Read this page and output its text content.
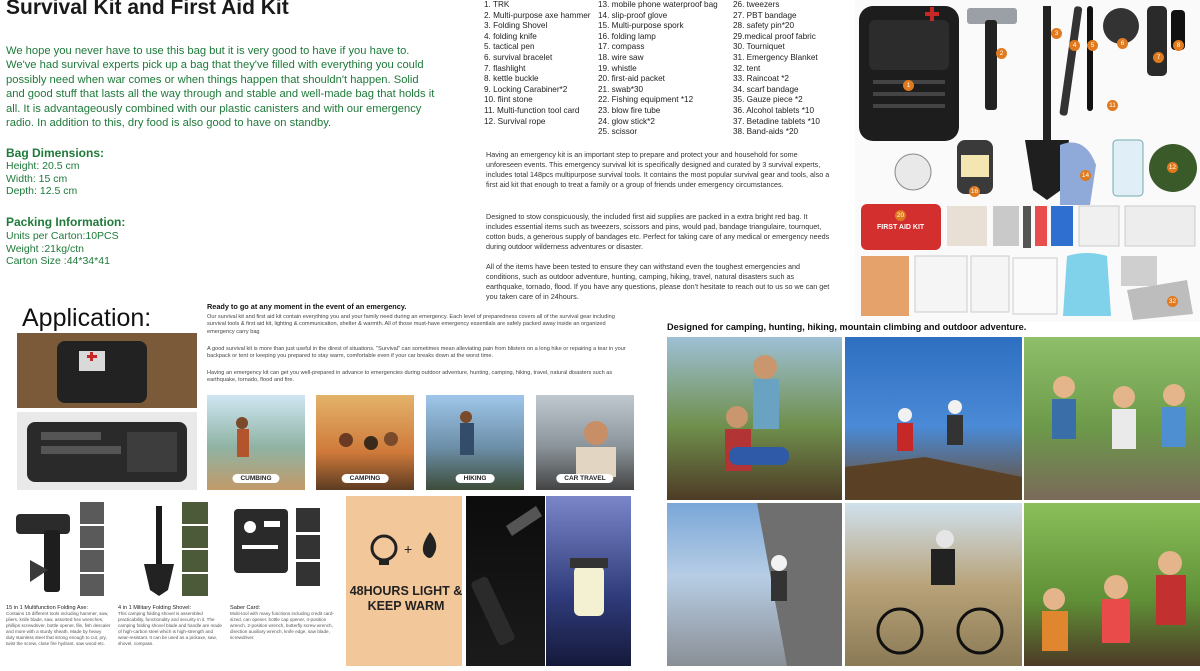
Survival Kit and First Aid Kit

We hope you never have to use this bag but it is very good to have if you have to. We've had survival experts pick up a bag that they've filled with everything you could possibly need when war comes or when things happen that shouldn't happen. Solid and good stuff that lasts all the way through and stable and well-made bag that holds it all. It is advantageously combined with our plastic canisters and with our emergency radio. In addition to this, dry food is also good to have on standby.

Bag Dimensions:

Height: 20.5 cm

Width: 15 cm

Depth: 12.5 cm

Packing Information:

Units per Carton:10PCS

Weight :21kg/ctn

Carton Size :44*34*41

1. TRK
2. Multi-purpose axe hammer
3. Folding Shovel
4. folding knife
5. tactical pen
6. survival bracelet
7. flashlight
8. kettle buckle
9. Locking Carabiner*2
10. flint stone
11. Multi-function tool card
12. Survival rope
13. mobile phone waterproof bag
14. slip-proof glove
15. Multi-purpose spork
16. folding lamp
17. compass
18. wire saw
19. whistle
20. first-aid packet
21. swab*30
22. Fishing equipment *12
23. blow fire tube
24. glow stick*2
25. scissor
26. tweezers
27. PBT bandage
28. safety pin*20
29.medical proof fabric
30. Tourniquet
31. Emergency Blanket
32. tent
33. Raincoat *2
34. scarf bandage
35. Gauze piece *2
36. Alcohol tablets *10
37. Betadine tablets *10
38. Band-aids *20

Having an emergency kit is an important step to prepare and protect your and household for some unforeseen events. This emergency survival kit is specifically designed and curated by 3 survival experts, includes total 148pcs multipurpose survival tools. It contains the most popular survival gear and tools, also a first aid kit that enough to treat a family or a group of friends under emergency circumstances.

Designed to stow conspicuously, the included first aid supplies are packed in a extra bright red bag. It includes essential items such as tweezers, scissors and pins, would pad, bandage triangulaire, tournquet, cotton buds, a generous supply of bandages etc. Perfect for taking care of any medical or emergency needs during outdoor wilderness adventures or disaster.

All of the items have been tested to ensure they can withstand even the toughest emergencies and conditions, such as outdoor adventure, hunting, camping, hiking, travel, natural disasters such as earthquake, tornado, flood. If you have any questions, please don’t hesitate to reach out to us so we can get you taken care of in 24hours.

FIRST AID KIT
1
2
3
4	5	6
7
8
11
12
14
16
20
32
Application:	Ready to go at any moment in the event of an emergency.

Our survival kit and first aid kit contain everything you and your family need during an emergency. Each level of preparedness covers all of the survival gear including survival tools & first aid kit, lighting & communication, shelter & warmth. All of those must-have emergency essentials are safely packed away inside an organized emergency carry bag

A good survival kit is more than just useful in the direst of situations. "Survival" can sometimes mean alleviating pain from blisters on a long hike or repairing a tear in your backpack or tent or keeping you prepared to stay warm, comfortable even if your car breaks down at the worst time.

Having an emergency kit can get you well-prepared in advance to emergencies during outdoor adventure, hunting, camping, hiking, travel, natural disasters such as earthquake, tornado, flood and fire.

CUMBING	CAMPING	HIKING	CAR TRAVEL

15 in 1 Multifunction Folding Axe:

Contains 15 different tools including hammer, saw, pliers, knife blade, saw, assorted hex wrenches, phillips screwdriver, bottle opener, file, fish descaler and more with a sturdy sheath. Made by heavy duty stainless steel that strong enough to cut, pry, twist the screw, close fire hydrant, saw wood etc.

4 in 1 Military Folding Shovel:

This camping folding shovel is assembled practicability, functionality and security in it. The camping folding shovel blade and handle are made of high-carbon steel which is high-strength and wear-resistant. It can be used as a pickaxe, saw, shovel, compass.

Saber Card:

Multi-tool with many functions including credit card-sized, can opener, bottle cap opener, 4-position wrench, 2-position wrench, butterfly screw wrench, direction auxiliary wrench, knife edge, saw blade, screwdriver.

+

48HOURS LIGHT & KEEP WARM

Designed for camping, hunting, hiking, mountain climbing and outdoor adventure.
